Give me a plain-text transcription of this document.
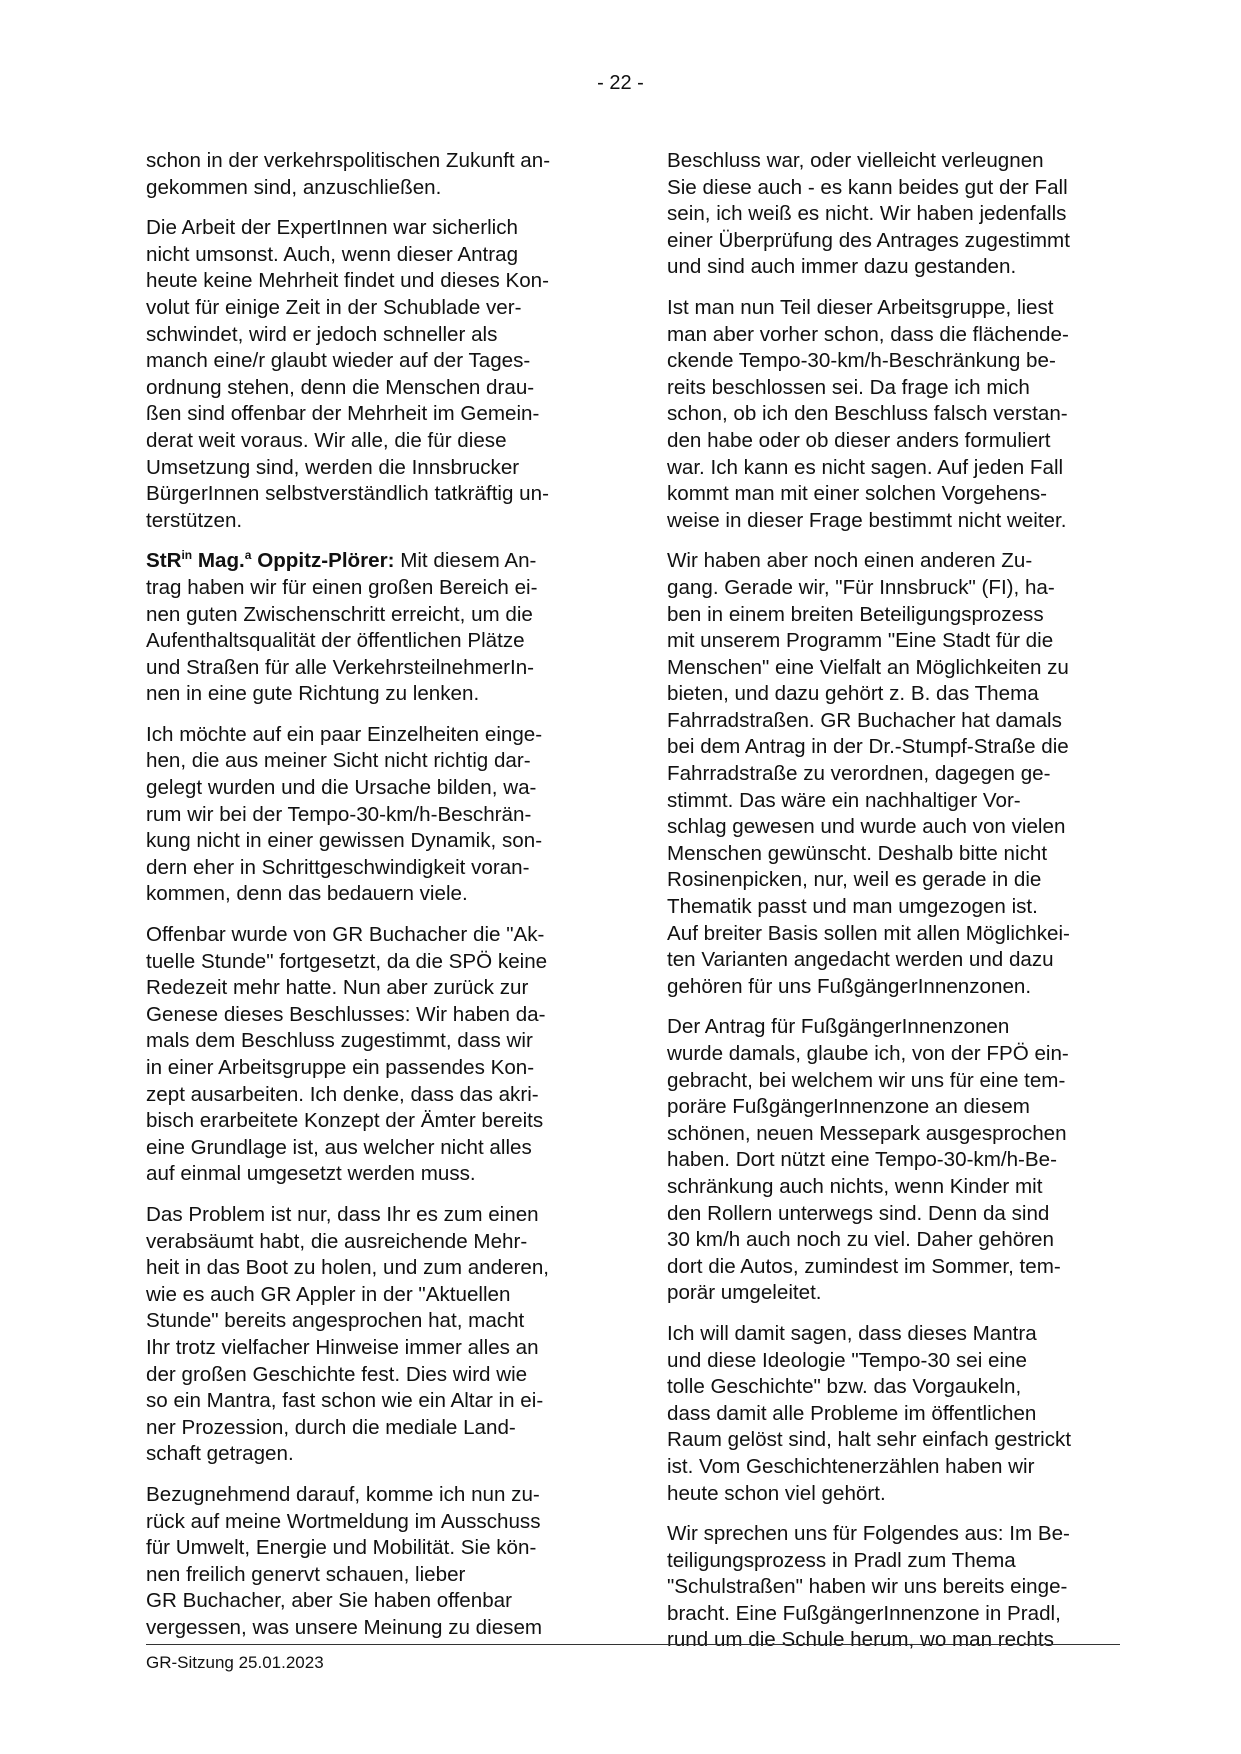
- 22 -

schon in der verkehrspolitischen Zukunft an-
gekommen sind, anzuschließen.

Die Arbeit der ExpertInnen war sicherlich
nicht umsonst. Auch, wenn dieser Antrag
heute keine Mehrheit findet und dieses Kon-
volut für einige Zeit in der Schublade ver-
schwindet, wird er jedoch schneller als
manch eine/r glaubt wieder auf der Tages-
ordnung stehen, denn die Menschen drau-
ßen sind offenbar der Mehrheit im Gemein-
derat weit voraus. Wir alle, die für diese
Umsetzung sind, werden die Innsbrucker
BürgerInnen selbstverständlich tatkräftig un-
terstützen.

StR$^{in}$ Mag.$^a$ Oppitz-Plörer: Mit diesem An-
trag haben wir für einen großen Bereich ei-
nen guten Zwischenschritt erreicht, um die
Aufenthaltsqualität der öffentlichen Plätze
und Straßen für alle VerkehrsteilnehmerIn-
nen in eine gute Richtung zu lenken.

Ich möchte auf ein paar Einzelheiten einge-
hen, die aus meiner Sicht nicht richtig dar-
gelegt wurden und die Ursache bilden, wa-
rum wir bei der Tempo-30-km/h-Beschrän-
kung nicht in einer gewissen Dynamik, son-
dern eher in Schrittgeschwindigkeit voran-
kommen, denn das bedauern viele.

Offenbar wurde von GR Buchacher die "Ak-
tuelle Stunde" fortgesetzt, da die SPÖ keine
Redezeit mehr hatte. Nun aber zurück zur
Genese dieses Beschlusses: Wir haben da-
mals dem Beschluss zugestimmt, dass wir
in einer Arbeitsgruppe ein passendes Kon-
zept ausarbeiten. Ich denke, dass das akri-
bisch erarbeitete Konzept der Ämter bereits
eine Grundlage ist, aus welcher nicht alles
auf einmal umgesetzt werden muss.

Das Problem ist nur, dass Ihr es zum einen
verabsäumt habt, die ausreichende Mehr-
heit in das Boot zu holen, und zum anderen,
wie es auch GR Appler in der "Aktuellen
Stunde" bereits angesprochen hat, macht
Ihr trotz vielfacher Hinweise immer alles an
der großen Geschichte fest. Dies wird wie
so ein Mantra, fast schon wie ein Altar in ei-
ner Prozession, durch die mediale Land-
schaft getragen.

Bezugnehmend darauf, komme ich nun zu-
rück auf meine Wortmeldung im Ausschuss
für Umwelt, Energie und Mobilität. Sie kön-
nen freilich genervt schauen, lieber
GR Buchacher, aber Sie haben offenbar
vergessen, was unsere Meinung zu diesem

Beschluss war, oder vielleicht verleugnen
Sie diese auch - es kann beides gut der Fall
sein, ich weiß es nicht. Wir haben jedenfalls
einer Überprüfung des Antrages zugestimmt
und sind auch immer dazu gestanden.

Ist man nun Teil dieser Arbeitsgruppe, liest
man aber vorher schon, dass die flächende-
ckende Tempo-30-km/h-Beschränkung be-
reits beschlossen sei. Da frage ich mich
schon, ob ich den Beschluss falsch verstan-
den habe oder ob dieser anders formuliert
war. Ich kann es nicht sagen. Auf jeden Fall
kommt man mit einer solchen Vorgehens-
weise in dieser Frage bestimmt nicht weiter.

Wir haben aber noch einen anderen Zu-
gang. Gerade wir, "Für Innsbruck" (FI), ha-
ben in einem breiten Beteiligungsprozess
mit unserem Programm "Eine Stadt für die
Menschen" eine Vielfalt an Möglichkeiten zu
bieten, und dazu gehört z. B. das Thema
Fahrradstraßen. GR Buchacher hat damals
bei dem Antrag in der Dr.-Stumpf-Straße die
Fahrradstraße zu verordnen, dagegen ge-
stimmt. Das wäre ein nachhaltiger Vor-
schlag gewesen und wurde auch von vielen
Menschen gewünscht. Deshalb bitte nicht
Rosinenpicken, nur, weil es gerade in die
Thematik passt und man umgezogen ist.
Auf breiter Basis sollen mit allen Möglichkei-
ten Varianten angedacht werden und dazu
gehören für uns FußgängerInnenzonen.

Der Antrag für FußgängerInnenzonen
wurde damals, glaube ich, von der FPÖ ein-
gebracht, bei welchem wir uns für eine tem-
poräre FußgängerInnenzone an diesem
schönen, neuen Messepark ausgesprochen
haben. Dort nützt eine Tempo-30-km/h-Be-
schränkung auch nichts, wenn Kinder mit
den Rollern unterwegs sind. Denn da sind
30 km/h auch noch zu viel. Daher gehören
dort die Autos, zumindest im Sommer, tem-
porär umgeleitet.

Ich will damit sagen, dass dieses Mantra
und diese Ideologie "Tempo-30 sei eine
tolle Geschichte" bzw. das Vorgaukeln,
dass damit alle Probleme im öffentlichen
Raum gelöst sind, halt sehr einfach gestrickt
ist. Vom Geschichtenerzählen haben wir
heute schon viel gehört.

Wir sprechen uns für Folgendes aus: Im Be-
teiligungsprozess in Pradl zum Thema
"Schulstraßen" haben wir uns bereits einge-
bracht. Eine FußgängerInnenzone in Pradl,
rund um die Schule herum, wo man rechts

GR-Sitzung 25.01.2023
